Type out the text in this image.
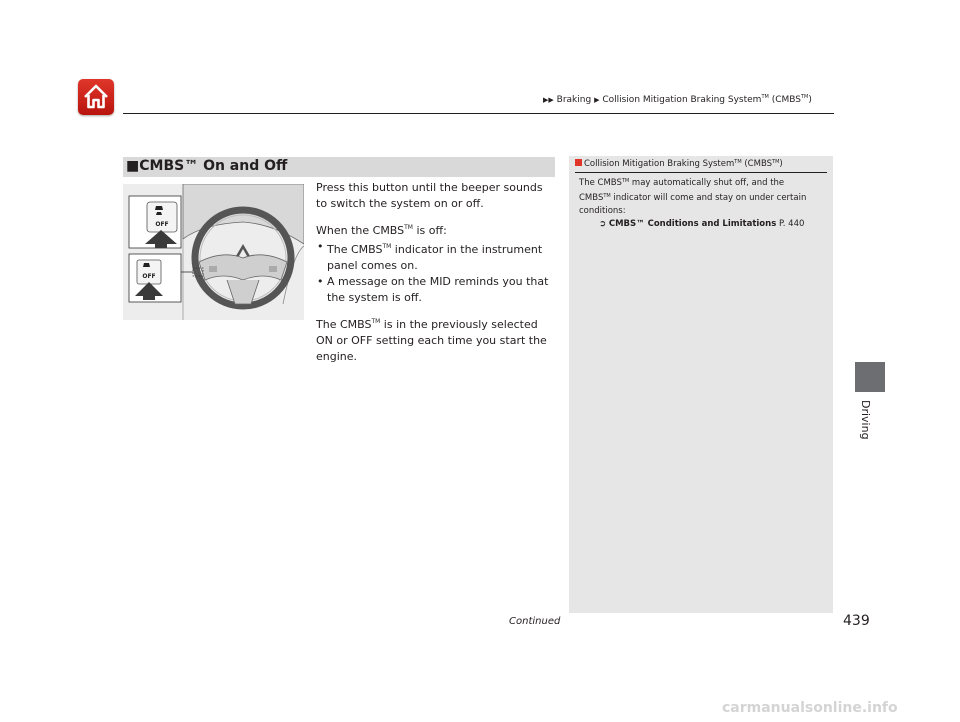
▶▶ Braking ▶ Collision Mitigation Braking System™ (CMBS™)
■CMBS™ On and Off
OFF
OFF

Press this button until the beeper sounds to switch the system on or off.

When the CMBS™ is off:

• The CMBS™ indicator in the instrument panel comes on.
• A message on the MID reminds you that the system is off.

The CMBS™ is in the previously selected ON or OFF setting each time you start the engine.

Collision Mitigation Braking System™ (CMBS™)
The CMBS™ may automatically shut off, and the
CMBS™ indicator will come and stay on under certain
conditions:
➲ CMBS™ Conditions and Limitations P. 440
Driving
Continued	439
carmanualsonline.info
